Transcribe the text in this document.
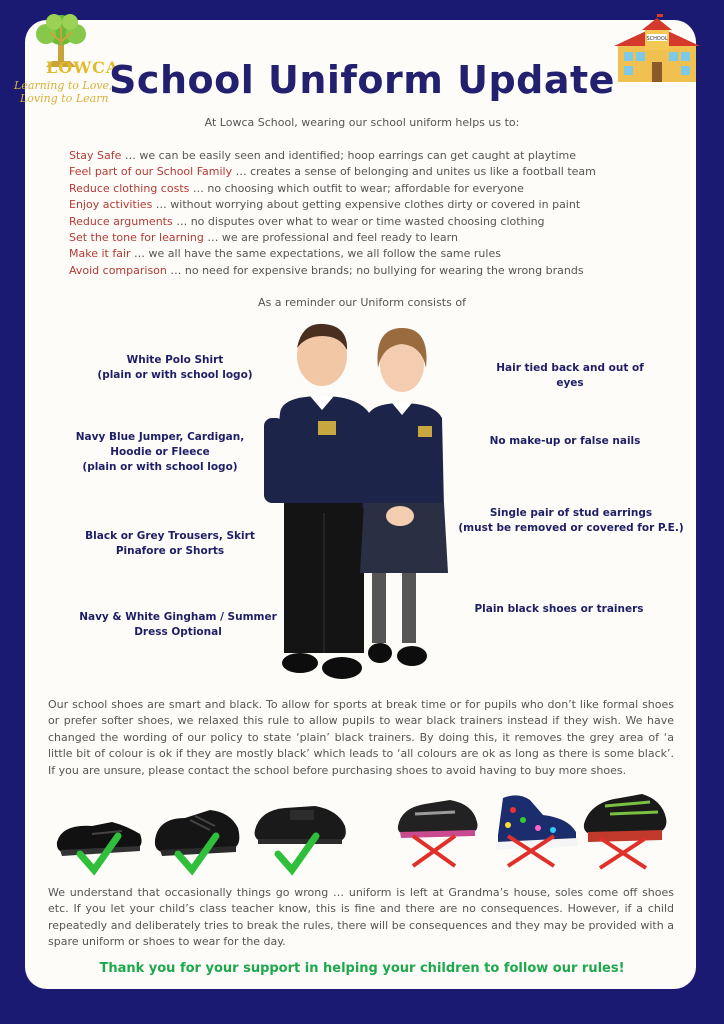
LOWCA
Learning to Love,
Loving to Learn
SCHOOL
School Uniform Update
At Lowca School, wearing our school uniform helps us to:
Stay Safe … we can be easily seen and identified; hoop earrings can get caught at playtime
Feel part of our School Family … creates a sense of belonging and unites us like a football team
Reduce clothing costs … no choosing which outfit to wear; affordable for everyone
Enjoy activities … without worrying about getting expensive clothes dirty or covered in paint
Reduce arguments … no disputes over what to wear or time wasted choosing clothing
Set the tone for learning … we are professional and feel ready to learn
Make it fair … we all have the same expectations, we all follow the same rules
Avoid comparison … no need for expensive brands; no bullying for wearing the wrong brands
As a reminder our Uniform consists of
White Polo Shirt
(plain or with school logo)
Navy Blue Jumper, Cardigan,
Hoodie or Fleece
(plain or with school logo)
Black or Grey Trousers, Skirt
Pinafore or Shorts
Navy & White Gingham / Summer
Dress Optional
Hair tied back and out of
eyes
No make-up or false nails
Single pair of stud earrings
(must be removed or covered for P.E.)
Plain black shoes or trainers
Our school shoes are smart and black. To allow for sports at break time or for pupils who don’t like formal shoes or prefer softer shoes, we relaxed this rule to allow pupils to wear black trainers instead if they wish. We have changed the wording of our policy to state ‘plain’ black trainers. By doing this, it removes the grey area of ‘a little bit of colour is ok if they are mostly black’ which leads to ‘all colours are ok as long as there is some black’. If you are unsure, please contact the school before purchasing shoes to avoid having to buy more shoes.
We understand that occasionally things go wrong … uniform is left at Grandma’s house, soles come off shoes etc. If you let your child’s class teacher know, this is fine and there are no consequences. However, if a child repeatedly and deliberately tries to break the rules, there will be consequences and they may be provided with a spare uniform or shoes to wear for the day.
Thank you for your support in helping your children to follow our rules!
